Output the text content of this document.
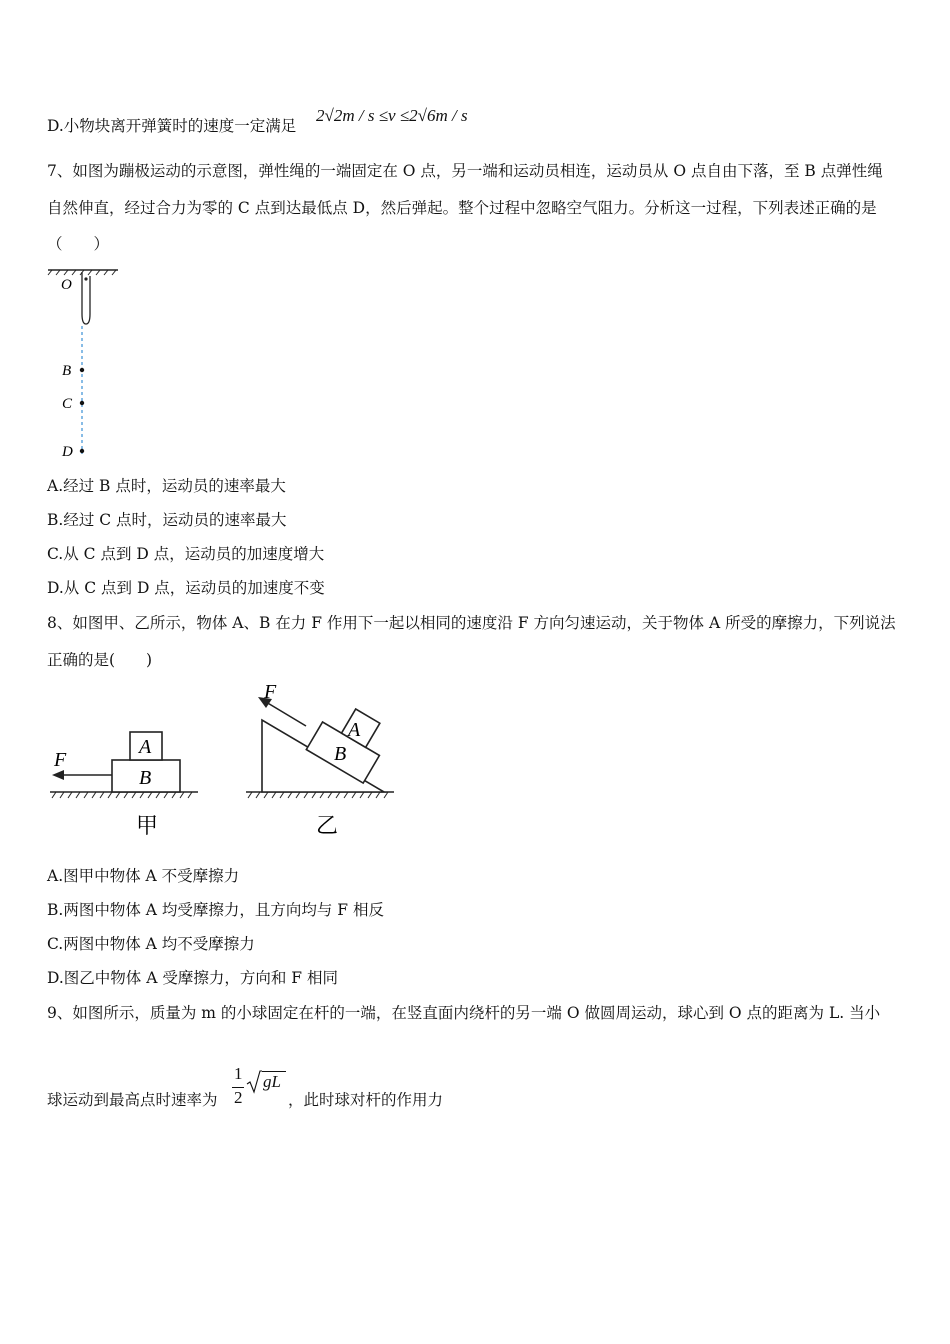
D.小物块离开弹簧时的速度一定满足
2√2m / s ≤v ≤2√6m / s
7、如图为蹦极运动的示意图，弹性绳的一端固定在 O 点，另一端和运动员相连，运动员从 O 点自由下落，至 B 点弹性绳
自然伸直，经过合力为零的 C 点到达最低点 D，然后弹起。整个过程中忽略空气阻力。分析这一过程，下列表述正确的是
（　　）
O
B
C
D
A.经过 B 点时，运动员的速率最大
B.经过 C 点时，运动员的速率最大
C.从 C 点到 D 点，运动员的加速度增大
D.从 C 点到 D 点，运动员的加速度不变
8、如图甲、乙所示，物体 A、B 在力 F 作用下一起以相同的速度沿 F 方向匀速运动，关于物体 A 所受的摩擦力，下列说法
正确的是(　　)
A
B
F
甲
A
B
F
乙
A.图甲中物体 A 不受摩擦力
B.两图中物体 A 均受摩擦力，且方向均与 F 相反
C.两图中物体 A 均不受摩擦力
D.图乙中物体 A 受摩擦力，方向和 F 相同
9、如图所示，质量为 m 的小球固定在杆的一端，在竖直面内绕杆的另一端 O 做圆周运动，球心到 O 点的距离为 L. 当小
球运动到最高点时速率为
1
2
gL
，此时球对杆的作用力
